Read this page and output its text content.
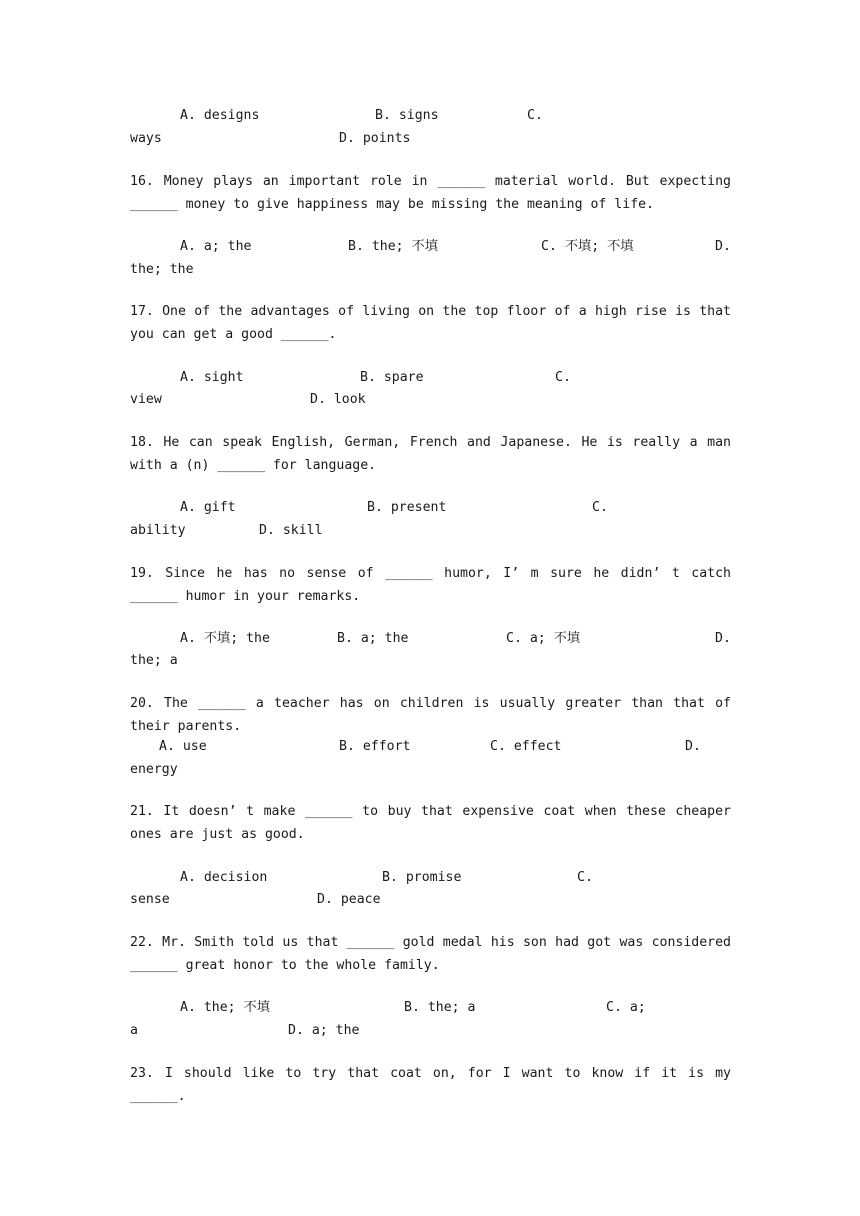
A. designs	B. signs	C.
ways	D. points
16. Money plays an important role in ______ material world. But expecting ______ money to give happiness may be missing the meaning of life.
A. a; the	B. the; 不填	C. 不填; 不填	D.
the; the
17. One of the advantages of living on the top floor of a high rise is that you can get a good ______.
A. sight	B. spare	C.
view	D. look
18. He can speak English, German, French and Japanese. He is really a man with a (n) ______ for language.
A. gift	B. present	C.
ability	D. skill
19. Since he has no sense of ______ humor, I’ m sure he didn’ t catch ______ humor in your remarks.
A. 不填; the	B. a; the	C. a; 不填	D.
the; a
20. The ______ a teacher has on children is usually greater than that of their parents.
A. use	B. effort	C. effect	D.
energy
21. It doesn’ t make ______ to buy that expensive coat when these cheaper ones are just as good.
A. decision	B. promise	C.
sense	D. peace
22. Mr. Smith told us that ______ gold medal his son had got was considered ______ great honor to the whole family.
A. the; 不填	B. the; a	C. a;
a	D. a; the
23. I should like to try that coat on, for I want to know if it is my ______.
